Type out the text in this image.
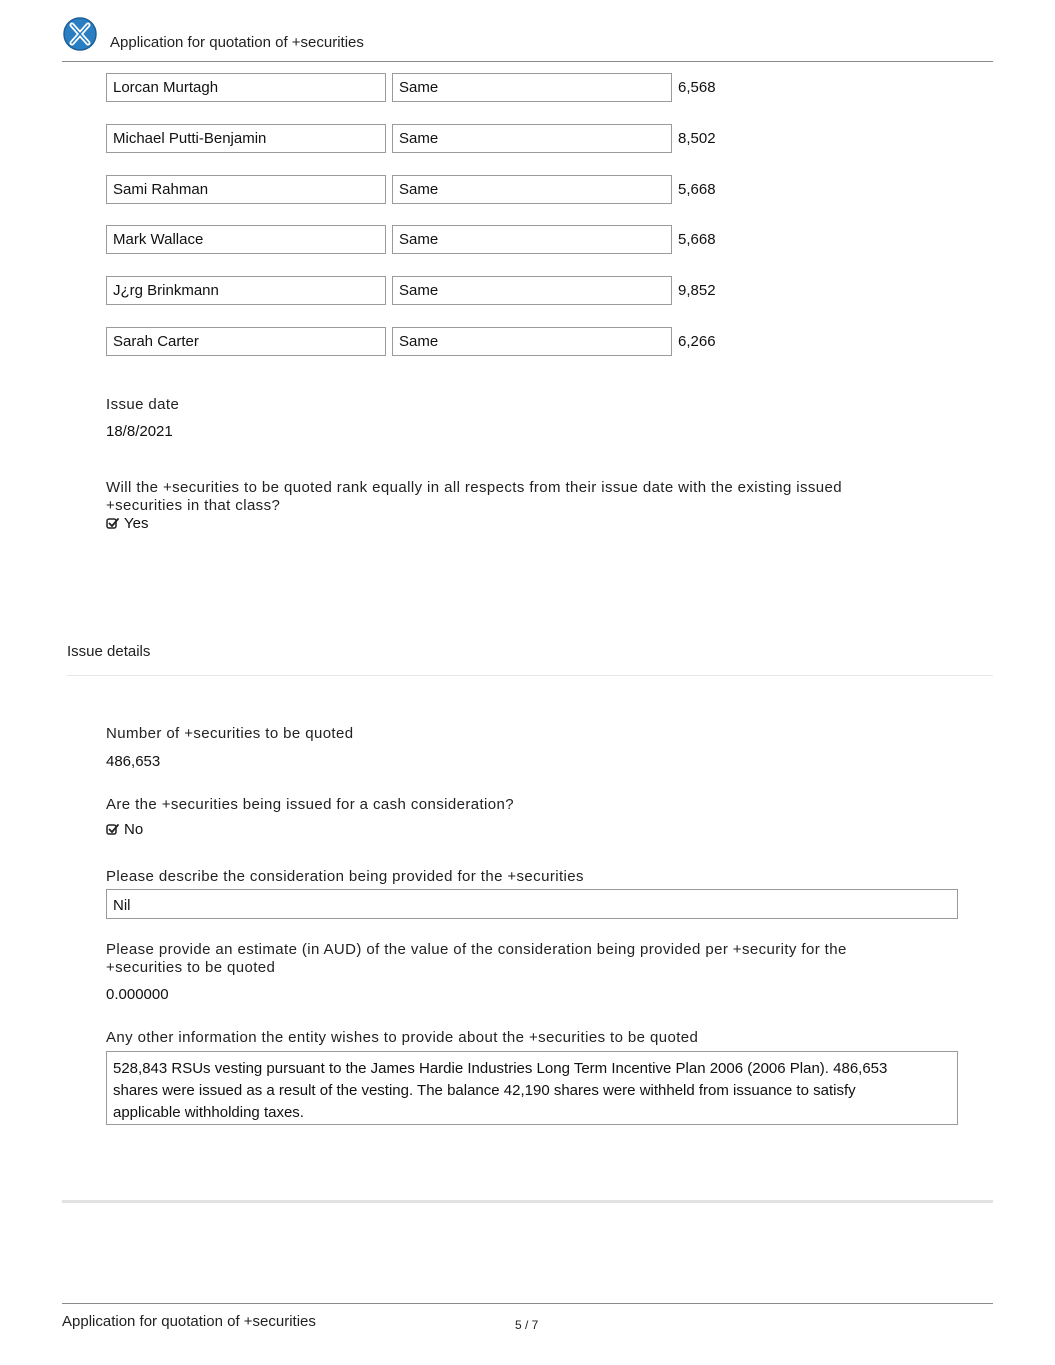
Application for quotation of +securities
Lorcan Murtagh	Same	6,568
Michael Putti-Benjamin	Same	8,502
Sami Rahman	Same	5,668
Mark Wallace	Same	5,668
J¿rg Brinkmann	Same	9,852
Sarah Carter	Same	6,266
Issue date
18/8/2021
Will the +securities to be quoted rank equally in all respects from their issue date with the existing issued +securities in that class?
Yes
Issue details
Number of +securities to be quoted
486,653
Are the +securities being issued for a cash consideration?
No
Please describe the consideration being provided for the +securities
Nil
Please provide an estimate (in AUD) of the value of the consideration being provided per +security for the +securities to be quoted
0.000000
Any other information the entity wishes to provide about the +securities to be quoted
528,843 RSUs vesting pursuant to the James Hardie Industries Long Term Incentive Plan 2006 (2006 Plan). 486,653 shares were issued as a result of the vesting. The balance 42,190 shares were withheld from issuance to satisfy applicable withholding taxes.
Application for quotation of +securities	5 / 7
